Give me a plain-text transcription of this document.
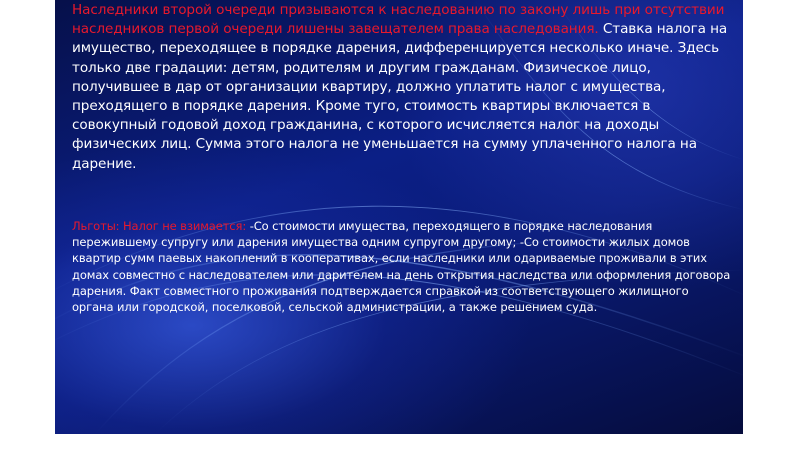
Наследники второй очереди призываются к наследованию по закону лишь при отсутствии наследников первой очереди лишены завещателем права наследования. Ставка налога на имущество, переходящее в порядке дарения, дифференцируется несколько иначе. Здесь только две градации: детям, родителям и другим гражданам. Физическое лицо, получившее в дар от организации квартиру, должно уплатить налог с имущества, преходящего в порядке дарения. Кроме туго, стоимость квартиры включается в совокупный годовой доход гражданина, с которого исчисляется налог на доходы физических лиц. Сумма этого налога не уменьшается на сумму уплаченного налога на дарение.

Льготы: Налог не взимается: -Со стоимости имущества, переходящего в порядке наследования пережившему супругу или дарения имущества одним супругом другому; -Со стоимости жилых домов квартир сумм паевых накоплений в кооперативах, если наследники или одариваемые проживали в этих домах совместно с наследователем или дарителем на день открытия наследства или оформления договора дарения. Факт совместного проживания подтверждается справкой из соответствующего жилищного органа или городской, поселковой, сельской администрации, а также решением суда.
